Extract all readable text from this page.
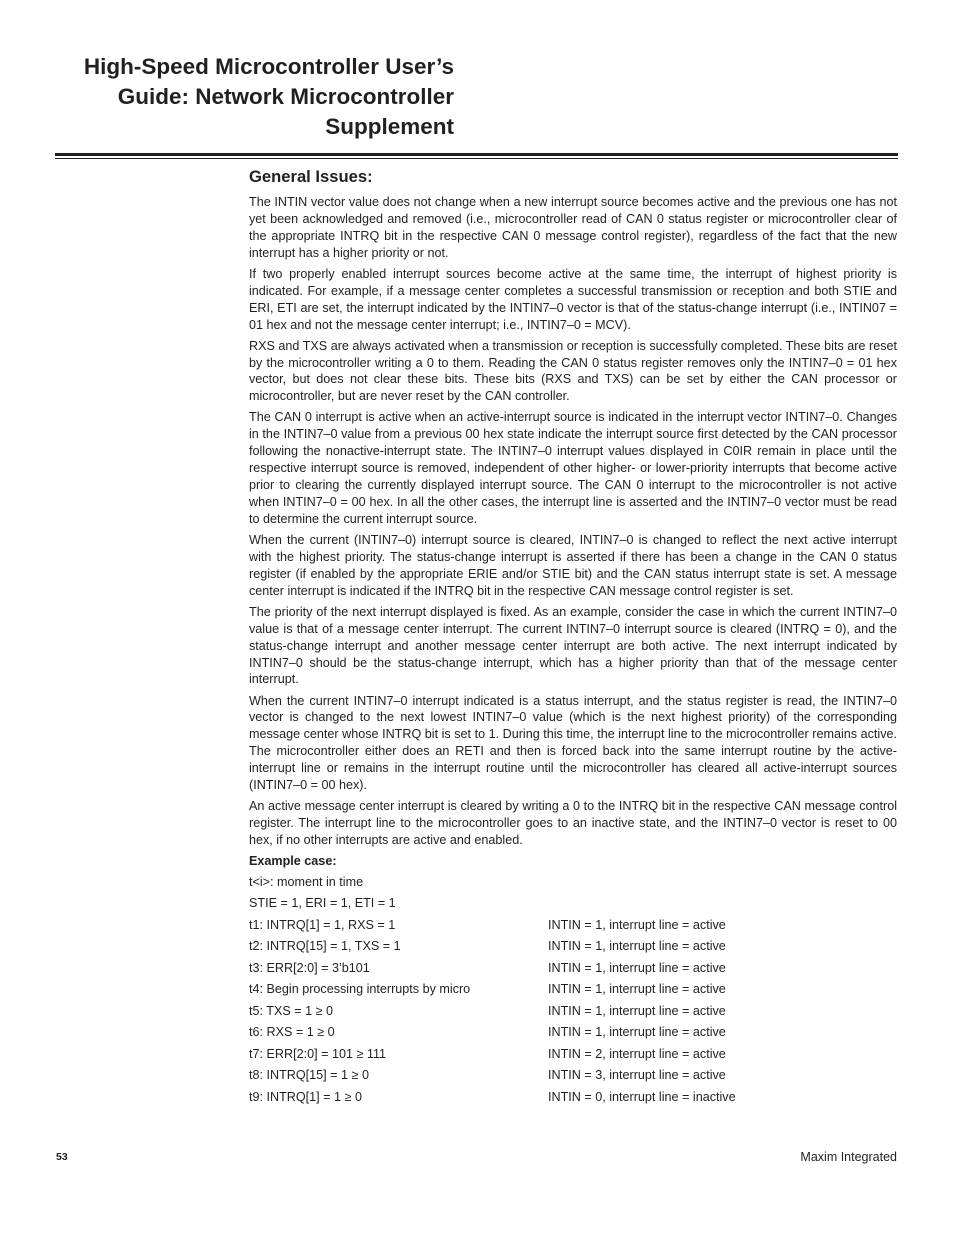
High-Speed Microcontroller User’s
Guide: Network Microcontroller
Supplement
General Issues:

The INTIN vector value does not change when a new interrupt source becomes active and the previous one has not yet been acknowledged and removed (i.e., microcontroller read of CAN 0 status register or microcontroller clear of the appropriate INTRQ bit in the respective CAN 0 message control register), regardless of the fact that the new interrupt has a higher priority or not.

If two properly enabled interrupt sources become active at the same time, the interrupt of highest priority is indicated. For example, if a message center completes a successful transmission or reception and both STIE and ERI, ETI are set, the interrupt indicated by the INTIN7–0 vector is that of the status-change interrupt (i.e., INTIN07 = 01 hex and not the message center interrupt; i.e., INTIN7–0 = MCV).

RXS and TXS are always activated when a transmission or reception is successfully completed. These bits are reset by the microcontroller writing a 0 to them. Reading the CAN 0 status register removes only the INTIN7–0 = 01 hex vector, but does not clear these bits. These bits (RXS and TXS) can be set by either the CAN processor or microcontroller, but are never reset by the CAN controller.

The CAN 0 interrupt is active when an active-interrupt source is indicated in the interrupt vector INTIN7–0. Changes in the INTIN7–0 value from a previous 00 hex state indicate the interrupt source first detected by the CAN processor following the nonactive-interrupt state. The INTIN7–0 interrupt values displayed in C0IR remain in place until the respective interrupt source is removed, independent of other higher- or lower-priority interrupts that become active prior to clearing the currently displayed interrupt source. The CAN 0 interrupt to the microcontroller is not active when INTIN7–0 = 00 hex. In all the other cases, the interrupt line is asserted and the INTIN7–0 vector must be read to determine the current interrupt source.

When the current (INTIN7–0) interrupt source is cleared, INTIN7–0 is changed to reflect the next active interrupt with the highest priority. The status-change interrupt is asserted if there has been a change in the CAN 0 status register (if enabled by the appropriate ERIE and/or STIE bit) and the CAN status interrupt state is set. A message center interrupt is indicated if the INTRQ bit in the respective CAN message control register is set.

The priority of the next interrupt displayed is fixed. As an example, consider the case in which the current INTIN7–0 value is that of a message center interrupt. The current INTIN7–0 interrupt source is cleared (INTRQ = 0), and the status-change interrupt and another message center interrupt are both active. The next interrupt indicated by INTIN7–0 should be the status-change interrupt, which has a higher priority than that of the message center interrupt.

When the current INTIN7–0 interrupt indicated is a status interrupt, and the status register is read, the INTIN7–0 vector is changed to the next lowest INTIN7–0 value (which is the next highest priority) of the corresponding message center whose INTRQ bit is set to 1. During this time, the interrupt line to the microcontroller remains active. The microcontroller either does an RETI and then is forced back into the same interrupt routine by the active-interrupt line or remains in the interrupt routine until the microcontroller has cleared all active-interrupt sources (INTIN7–0 = 00 hex).

An active message center interrupt is cleared by writing a 0 to the INTRQ bit in the respective CAN message control register. The interrupt line to the microcontroller goes to an inactive state, and the INTIN7–0 vector is reset to 00 hex, if no other interrupts are active and enabled.

Example case:
t<i>: moment in time
STIE = 1, ERI = 1, ETI = 1
t1: INTRQ[1] = 1, RXS = 1	INTIN = 1, interrupt line = active
t2: INTRQ[15] = 1, TXS = 1	INTIN = 1, interrupt line = active
t3: ERR[2:0] = 3’b101	INTIN = 1, interrupt line = active
t4: Begin processing interrupts by micro	INTIN = 1, interrupt line = active
t5: TXS = 1 ≥ 0	INTIN = 1, interrupt line = active
t6: RXS = 1 ≥ 0	INTIN = 1, interrupt line = active
t7: ERR[2:0] = 101 ≥ 111	INTIN = 2, interrupt line = active
t8: INTRQ[15] = 1 ≥ 0	INTIN = 3, interrupt line = active
t9: INTRQ[1] = 1 ≥ 0	INTIN = 0, interrupt line = inactive
53	Maxim Integrated
